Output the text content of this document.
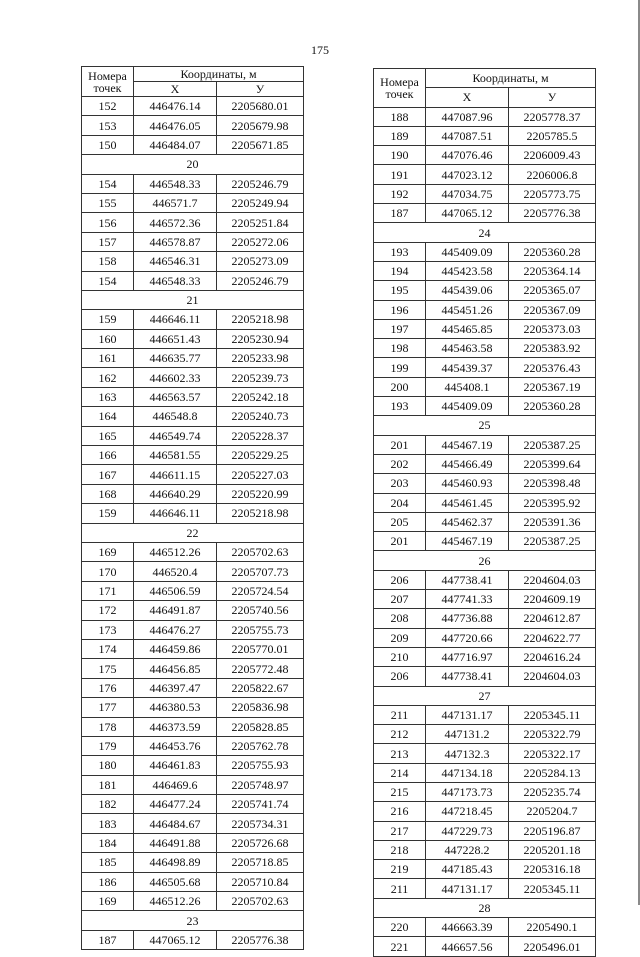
175
Номера
точек	Координаты, м	
	X	У
152	446476.14	2205680.01
153	446476.05	2205679.98
150	446484.07	2205671.85
20		
154	446548.33	2205246.79
155	446571.7	2205249.94
156	446572.36	2205251.84
157	446578.87	2205272.06
158	446546.31	2205273.09
154	446548.33	2205246.79
21		
159	446646.11	2205218.98
160	446651.43	2205230.94
161	446635.77	2205233.98
162	446602.33	2205239.73
163	446563.57	2205242.18
164	446548.8	2205240.73
165	446549.74	2205228.37
166	446581.55	2205229.25
167	446611.15	2205227.03
168	446640.29	2205220.99
159	446646.11	2205218.98
22		
169	446512.26	2205702.63
170	446520.4	2205707.73
171	446506.59	2205724.54
172	446491.87	2205740.56
173	446476.27	2205755.73
174	446459.86	2205770.01
175	446456.85	2205772.48
176	446397.47	2205822.67
177	446380.53	2205836.98
178	446373.59	2205828.85
179	446453.76	2205762.78
180	446461.83	2205755.93
181	446469.6	2205748.97
182	446477.24	2205741.74
183	446484.67	2205734.31
184	446491.88	2205726.68
185	446498.89	2205718.85
186	446505.68	2205710.84
169	446512.26	2205702.63
23		
187	447065.12	2205776.38
Номера
точек	Координаты, м	
	X	У
188	447087.96	2205778.37
189	447087.51	2205785.5
190	447076.46	2206009.43
191	447023.12	2206006.8
192	447034.75	2205773.75
187	447065.12	2205776.38
24		
193	445409.09	2205360.28
194	445423.58	2205364.14
195	445439.06	2205365.07
196	445451.26	2205367.09
197	445465.85	2205373.03
198	445463.58	2205383.92
199	445439.37	2205376.43
200	445408.1	2205367.19
193	445409.09	2205360.28
25		
201	445467.19	2205387.25
202	445466.49	2205399.64
203	445460.93	2205398.48
204	445461.45	2205395.92
205	445462.37	2205391.36
201	445467.19	2205387.25
26		
206	447738.41	2204604.03
207	447741.33	2204609.19
208	447736.88	2204612.87
209	447720.66	2204622.77
210	447716.97	2204616.24
206	447738.41	2204604.03
27		
211	447131.17	2205345.11
212	447131.2	2205322.79
213	447132.3	2205322.17
214	447134.18	2205284.13
215	447173.73	2205235.74
216	447218.45	2205204.7
217	447229.73	2205196.87
218	447228.2	2205201.18
219	447185.43	2205316.18
211	447131.17	2205345.11
28		
220	446663.39	2205490.1
221	446657.56	2205496.01
